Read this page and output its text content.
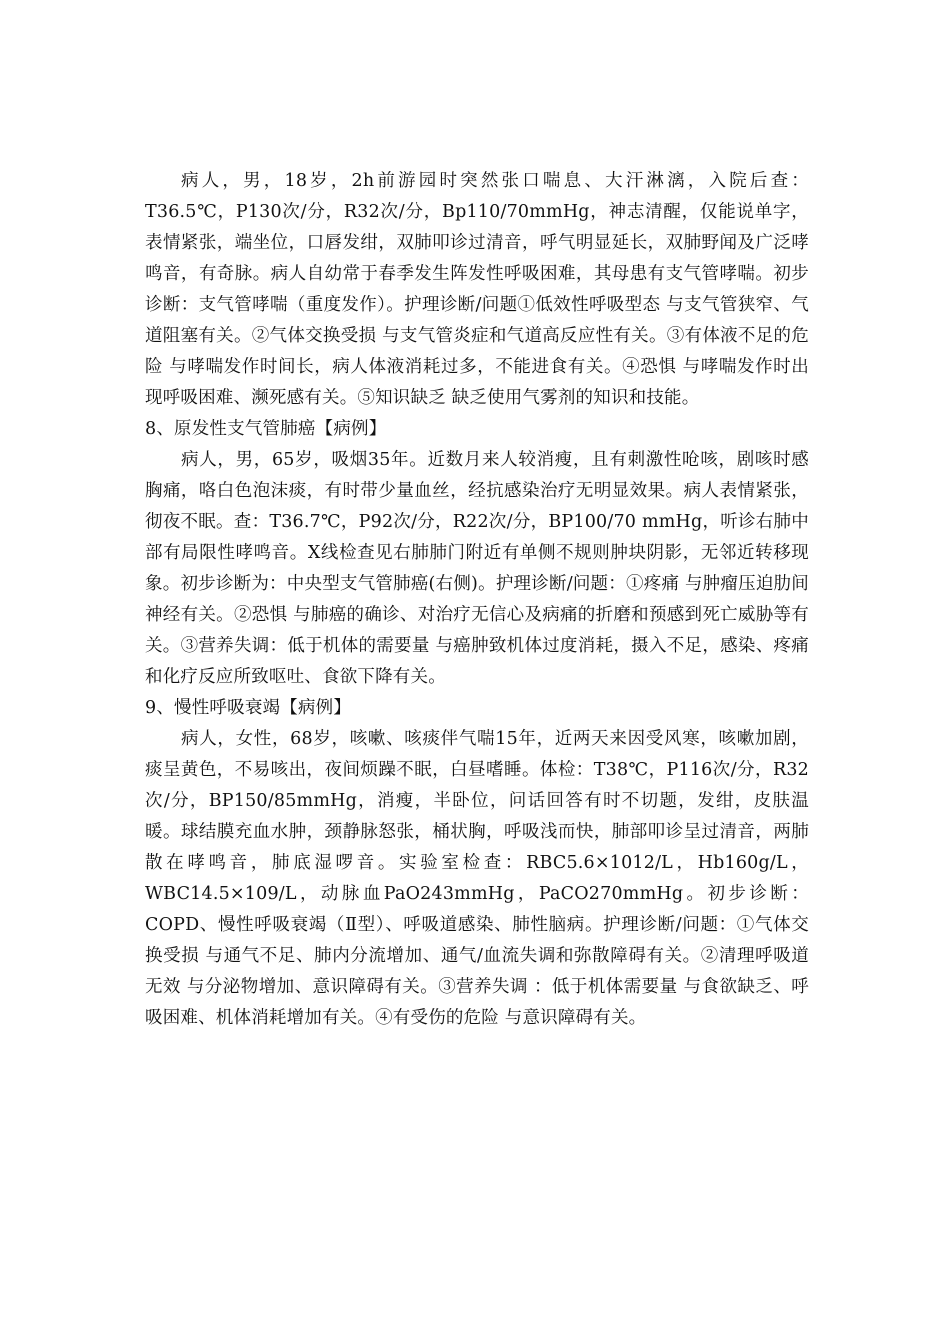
病人，男，18岁，2h前游园时突然张口喘息、大汗淋漓，入院后查：T36.5℃，P130次/分，R32次/分，Bp110/70mmHg，神志清醒，仅能说单字，表情紧张，端坐位，口唇发绀，双肺叩诊过清音，呼气明显延长，双肺野闻及广泛哮鸣音，有奇脉。病人自幼常于春季发生阵发性呼吸困难，其母患有支气管哮喘。初步诊断：支气管哮喘（重度发作）。护理诊断/问题①低效性呼吸型态 与支气管狭窄、气道阻塞有关。②气体交换受损 与支气管炎症和气道高反应性有关。③有体液不足的危险 与哮喘发作时间长，病人体液消耗过多，不能进食有关。④恐惧 与哮喘发作时出现呼吸困难、濒死感有关。⑤知识缺乏 缺乏使用气雾剂的知识和技能。

8、原发性支气管肺癌【病例】

病人，男，65岁，吸烟35年。近数月来人较消瘦，且有刺激性呛咳，剧咳时感胸痛，咯白色泡沫痰，有时带少量血丝，经抗感染治疗无明显效果。病人表情紧张，彻夜不眠。查：T36.7℃，P92次/分，R22次/分，BP100/70 mmHg，听诊右肺中部有局限性哮鸣音。X线检查见右肺肺门附近有单侧不规则肿块阴影，无邻近转移现象。初步诊断为：中央型支气管肺癌(右侧)。护理诊断/问题：①疼痛 与肿瘤压迫肋间神经有关。②恐惧 与肺癌的确诊、对治疗无信心及病痛的折磨和预感到死亡威胁等有关。③营养失调：低于机体的需要量 与癌肿致机体过度消耗，摄入不足，感染、疼痛和化疗反应所致呕吐、食欲下降有关。

9、慢性呼吸衰竭【病例】

病人，女性，68岁，咳嗽、咳痰伴气喘15年，近两天来因受风寒，咳嗽加剧，痰呈黄色，不易咳出，夜间烦躁不眠，白昼嗜睡。体检：T38℃，P116次/分，R32次/分，BP150/85mmHg，消瘦，半卧位，问话回答有时不切题，发绀，皮肤温暖。球结膜充血水肿，颈静脉怒张，桶状胸，呼吸浅而快，肺部叩诊呈过清音，两肺散在哮鸣音，肺底湿啰音。实验室检查：RBC5.6×1012/L，Hb160g/L，WBC14.5×109/L，动脉血PaO243mmHg，PaCO270mmHg。初步诊断：COPD、慢性呼吸衰竭（Ⅱ型）、呼吸道感染、肺性脑病。护理诊断/问题：①气体交换受损 与通气不足、肺内分流增加、通气/血流失调和弥散障碍有关。②清理呼吸道无效 与分泌物增加、意识障碍有关。③营养失调 ：低于机体需要量 与食欲缺乏、呼吸困难、机体消耗增加有关。④有受伤的危险 与意识障碍有关。
